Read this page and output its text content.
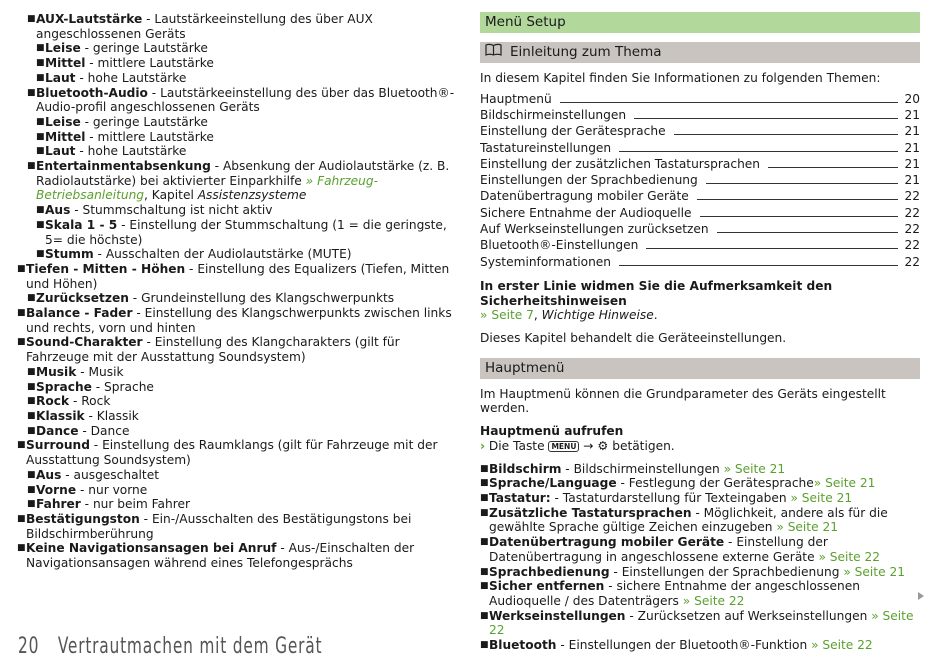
■ AUX-Lautstärke - Lautstärkeeinstellung des über AUX angeschlossenen Geräts
■ Leise - geringe Lautstärke
■ Mittel - mittlere Lautstärke
■ Laut - hohe Lautstärke
■ Bluetooth-Audio - Lautstärkeeinstellung des über das Bluetooth®-Audio-profil angeschlossenen Geräts
■ Leise - geringe Lautstärke
■ Mittel - mittlere Lautstärke
■ Laut - hohe Lautstärke
■ Entertainmentabsenkung - Absenkung der Audiolautstärke (z. B. Radiolautstärke) bei aktivierter Einparkhilfe » Fahrzeug-Betriebsanleitung, Kapitel Assistenzsysteme
■ Aus - Stummschaltung ist nicht aktiv
■ Skala 1 - 5 - Einstellung der Stummschaltung (1 = die geringste, 5= die höchste)
■ Stumm - Ausschalten der Audiolautstärke (MUTE)
■ Tiefen - Mitten - Höhen - Einstellung des Equalizers (Tiefen, Mitten und Höhen)
■ Zurücksetzen - Grundeinstellung des Klangschwerpunkts
■ Balance - Fader - Einstellung des Klangschwerpunkts zwischen links und rechts, vorn und hinten
■ Sound-Charakter - Einstellung des Klangcharakters (gilt für Fahrzeuge mit der Ausstattung Soundsystem)
■ Musik - Musik
■ Sprache - Sprache
■ Rock - Rock
■ Klassik - Klassik
■ Dance - Dance
■ Surround - Einstellung des Raumklangs (gilt für Fahrzeuge mit der Ausstattung Soundsystem)
■ Aus - ausgeschaltet
■ Vorne - nur vorne
■ Fahrer - nur beim Fahrer
■ Bestätigungston - Ein-/Ausschalten des Bestätigungstons bei Bildschirmberührung
■ Keine Navigationsansagen bei Anruf - Aus-/Einschalten der Navigationsansagen während eines Telefongesprächs
Menü Setup
Einleitung zum Thema
In diesem Kapitel finden Sie Informationen zu folgenden Themen:
Hauptmenü	20
Bildschirmeinstellungen	21
Einstellung der Gerätesprache	21
Tastatureinstellungen	21
Einstellung der zusätzlichen Tastatursprachen	21
Einstellungen der Sprachbedienung	21
Datenübertragung mobiler Geräte	22
Sichere Entnahme der Audioquelle	22
Auf Werkseinstellungen zurücksetzen	22
Bluetooth®-Einstellungen	22
Systeminformationen	22
In erster Linie widmen Sie die Aufmerksamkeit den Sicherheitshinweisen
» Seite 7, Wichtige Hinweise.
Dieses Kapitel behandelt die Geräteeinstellungen.
Hauptmenü
Im Hauptmenü können die Grundparameter des Geräts eingestellt werden.
Hauptmenü aufrufen
› Die Taste MENU → ⚙ betätigen.
■ Bildschirm - Bildschirmeinstellungen » Seite 21
■ Sprache/Language - Festlegung der Gerätesprache» Seite 21
■ Tastatur: - Tastaturdarstellung für Texteingaben » Seite 21
■ Zusätzliche Tastatursprachen - Möglichkeit, andere als für die gewählte Sprache gültige Zeichen einzugeben » Seite 21
■ Datenübertragung mobiler Geräte - Einstellung der Datenübertragung in angeschlossene externe Geräte » Seite 22
■ Sprachbedienung - Einstellungen der Sprachbedienung » Seite 21
■ Sicher entfernen - sichere Entnahme der angeschlossenen Audioquelle / des Datenträgers » Seite 22
■ Werkseinstellungen - Zurücksetzen auf Werkseinstellungen » Seite 22
■ Bluetooth - Einstellungen der Bluetooth®-Funktion » Seite 22
20 Vertrautmachen mit dem Gerät
